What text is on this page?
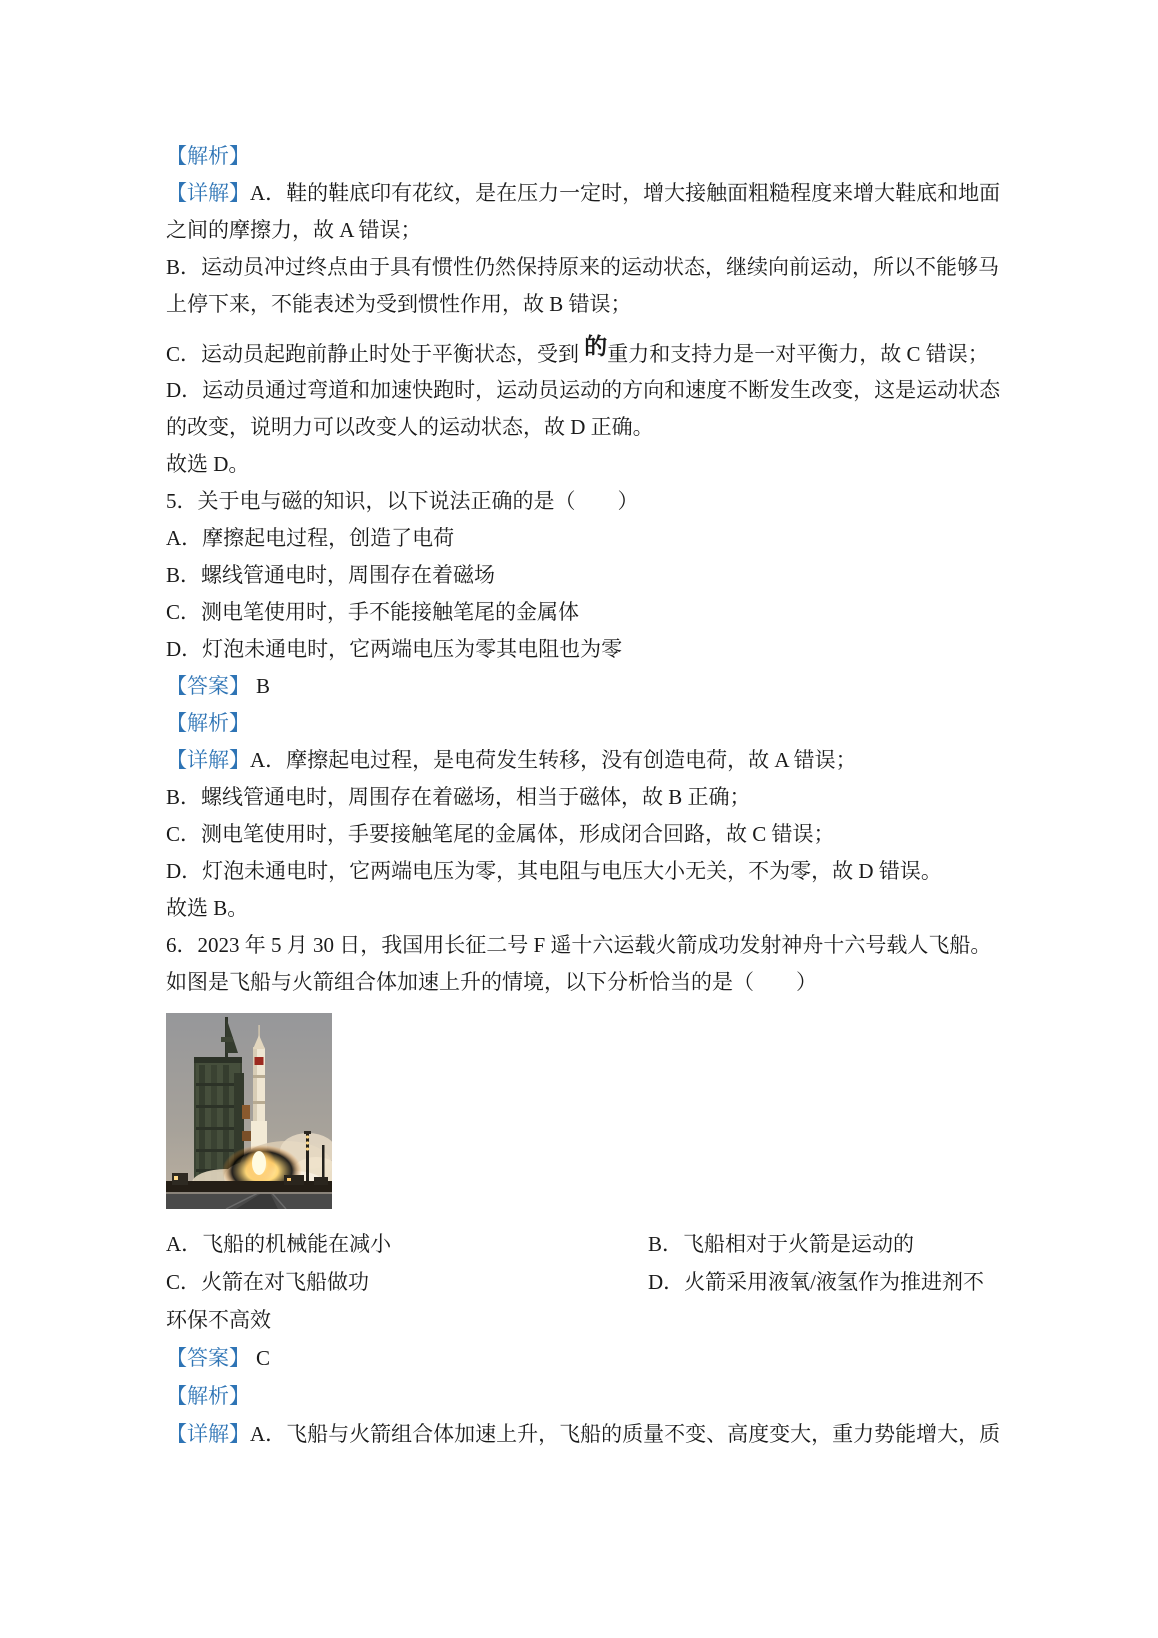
【解析】
【详解】A．鞋的鞋底印有花纹，是在压力一定时，增大接触面粗糙程度来增大鞋底和地面
之间的摩擦力，故 A 错误；
B．运动员冲过终点由于具有惯性仍然保持原来的运动状态，继续向前运动，所以不能够马
上停下来，不能表述为受到惯性作用，故 B 错误；
C．运动员起跑前静止时处于平衡状态，受到 的重力和支持力是一对平衡力，故 C 错误；
D．运动员通过弯道和加速快跑时，运动员运动的方向和速度不断发生改变，这是运动状态
的改变，说明力可以改变人的运动状态，故 D 正确。
故选 D。
5．关于电与磁的知识，以下说法正确的是（　　）
A．摩擦起电过程，创造了电荷
B．螺线管通电时，周围存在着磁场
C．测电笔使用时，手不能接触笔尾的金属体
D．灯泡未通电时，它两端电压为零其电阻也为零
【答案】 B
【解析】
【详解】A．摩擦起电过程，是电荷发生转移，没有创造电荷，故 A 错误；
B．螺线管通电时，周围存在着磁场，相当于磁体，故 B 正确；
C．测电笔使用时，手要接触笔尾的金属体，形成闭合回路，故 C 错误；
D．灯泡未通电时，它两端电压为零，其电阻与电压大小无关，不为零，故 D 错误。
故选 B。
6．2023 年 5 月 30 日，我国用长征二号 F 遥十六运载火箭成功发射神舟十六号载人飞船。
如图是飞船与火箭组合体加速上升的情境，以下分析恰当的是（　　）
A．飞船的机械能在减小	B．飞船相对于火箭是运动的
C．火箭在对飞船做功	D．火箭采用液氧/液氢作为推进剂不
环保不高效
【答案】 C
【解析】
【详解】A．飞船与火箭组合体加速上升，飞船的质量不变、高度变大，重力势能增大，质
